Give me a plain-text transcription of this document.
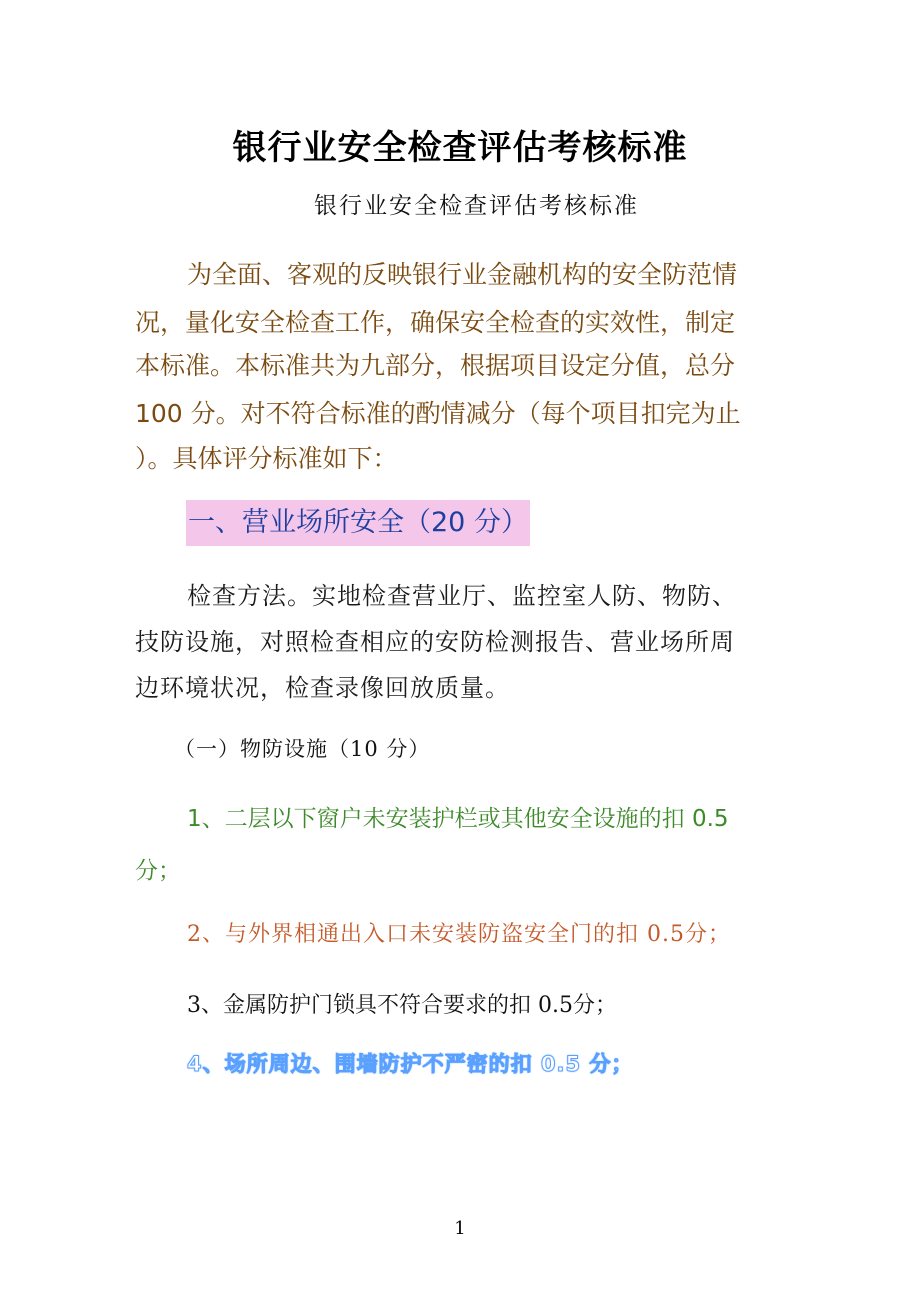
银行业安全检查评估考核标准
银行业安全检查评估考核标准
为全面、客观的反映银行业金融机构的安全防范情
况，量化安全检查工作，确保安全检查的实效性，制定
本标准。本标准共为九部分，根据项目设定分值，总分
100 分。对不符合标准的酌情减分（每个项目扣完为止
）。具体评分标准如下：
一、营业场所安全（20 分）
检查方法。实地检查营业厅、监控室人防、物防、
技防设施，对照检查相应的安防检测报告、营业场所周
边环境状况，检查录像回放质量。
（一）物防设施（10 分）
1、二层以下窗户未安装护栏或其他安全设施的扣 0.5
分；
2、与外界相通出入口未安装防盗安全门的扣 0.5分；
3、金属防护门锁具不符合要求的扣 0.5分；
4、场所周边、围墙防护不严密的扣 0.5 分；
1
